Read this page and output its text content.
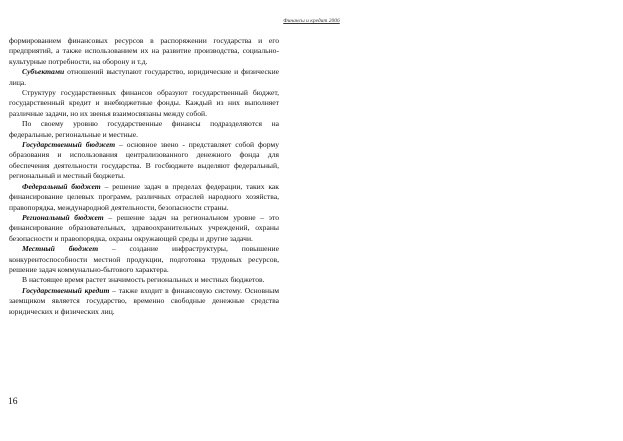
Финансы и кредит 2006

формированием финансовых ресурсов в распоряжении государства и его предприятий, а также использованием их на развитие производства, социально-культурные потребности, на оборону и т.д.

Субъектами отношений выступают государство, юридические и физические лица.

Структуру государственных финансов образуют государственный бюджет, государственный кредит и внебюджетные фонды. Каждый из них выполняет различные задачи, но их звенья взаимосвязаны между собой.

По своему уровню государственные финансы подразделяются на федеральные, региональные и местные.

Государственный бюджет – основное звено - представляет собой форму образования и использования централизованного денежного фонда для обеспечения деятельности государства. В госбюджете выделяют федеральный, региональный и местный бюджеты.

Федеральный бюджет – решение задач в пределах федерации, таких как финансирование целевых программ, различных отраслей народного хозяйства, правопорядка, международной деятельности, безопасности страны.

Региональный бюджет – решение задач на региональном уровне – это финансирование образовательных, здравоохранительных учреждений, охраны безопасности и правопорядка, охраны окружающей среды и другие задачи.

Местный бюджет – создание инфраструктуры, повышение конкурентоспособности местной продукции, подготовка трудовых ресурсов, решение задач коммунально-бытового характера.

В настоящее время растет значимость региональных и местных бюджетов.

Государственный кредит – также входит в финансовую систему. Основным заемщиком является государство, временно свободные денежные средства юридических и физических лиц.

16
